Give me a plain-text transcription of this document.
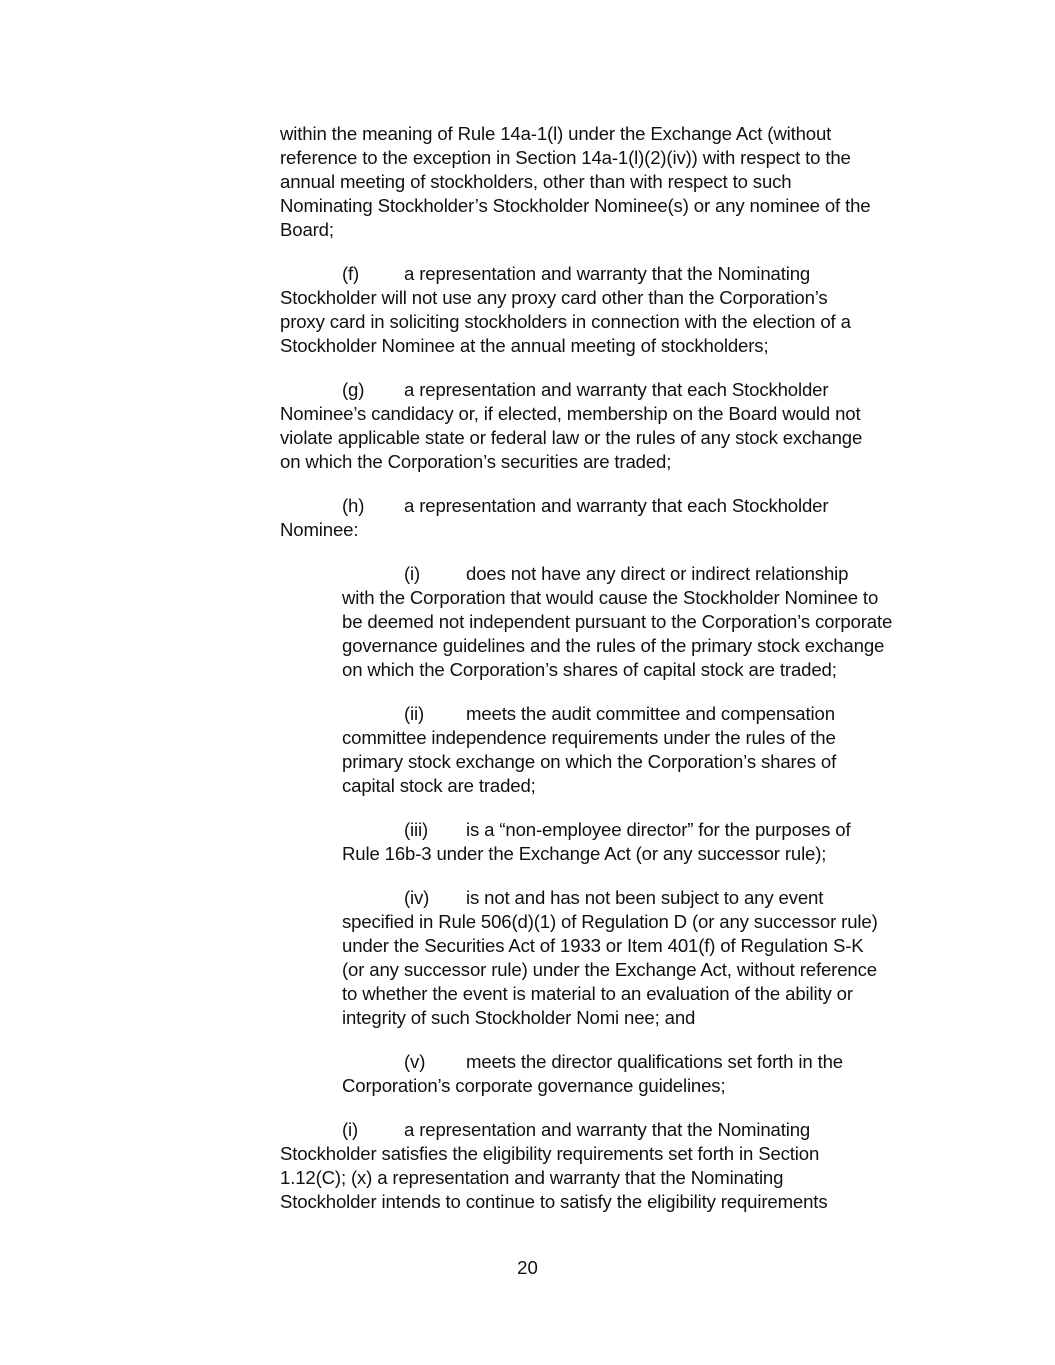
within the meaning of Rule 14a-1(l) under the Exchange Act (without
reference to the exception in Section 14a-1(l)(2)(iv)) with respect to the
annual meeting of stockholders, other than with respect to such
Nominating Stockholder’s Stockholder Nominee(s) or any nominee of the
Board;

(f) a representation and warranty that the Nominating
Stockholder will not use any proxy card other than the Corporation’s
proxy card in soliciting stockholders in connection with the election of a
Stockholder Nominee at the annual meeting of stockholders;

(g) a representation and warranty that each Stockholder
Nominee’s candidacy or, if elected, membership on the Board would not
violate applicable state or federal law or the rules of any stock exchange
on which the Corporation’s securities are traded;

(h) a representation and warranty that each Stockholder
Nominee:

(i) does not have any direct or indirect relationship
with the Corporation that would cause the Stockholder Nominee to
be deemed not independent pursuant to the Corporation’s corporate
governance guidelines and the rules of the primary stock exchange
on which the Corporation’s shares of capital stock are traded;

(ii) meets the audit committee and compensation
committee independence requirements under the rules of the
primary stock exchange on which the Corporation’s shares of
capital stock are traded;

(iii) is a “non-employee director” for the purposes of
Rule 16b-3 under the Exchange Act (or any successor rule);

(iv) is not and has not been subject to any event
specified in Rule 506(d)(1) of Regulation D (or any successor rule)
under the Securities Act of 1933 or Item 401(f) of Regulation S-K
(or any successor rule) under the Exchange Act, without reference
to whether the event is material to an evaluation of the ability or
integrity of such Stockholder Nomi nee; and

(v) meets the director qualifications set forth in the
Corporation’s corporate governance guidelines;

(i) a representation and warranty that the Nominating
Stockholder satisfies the eligibility requirements set forth in Section
1.12(C); (x) a representation and warranty that the Nominating
Stockholder intends to continue to satisfy the eligibility requirements

20
